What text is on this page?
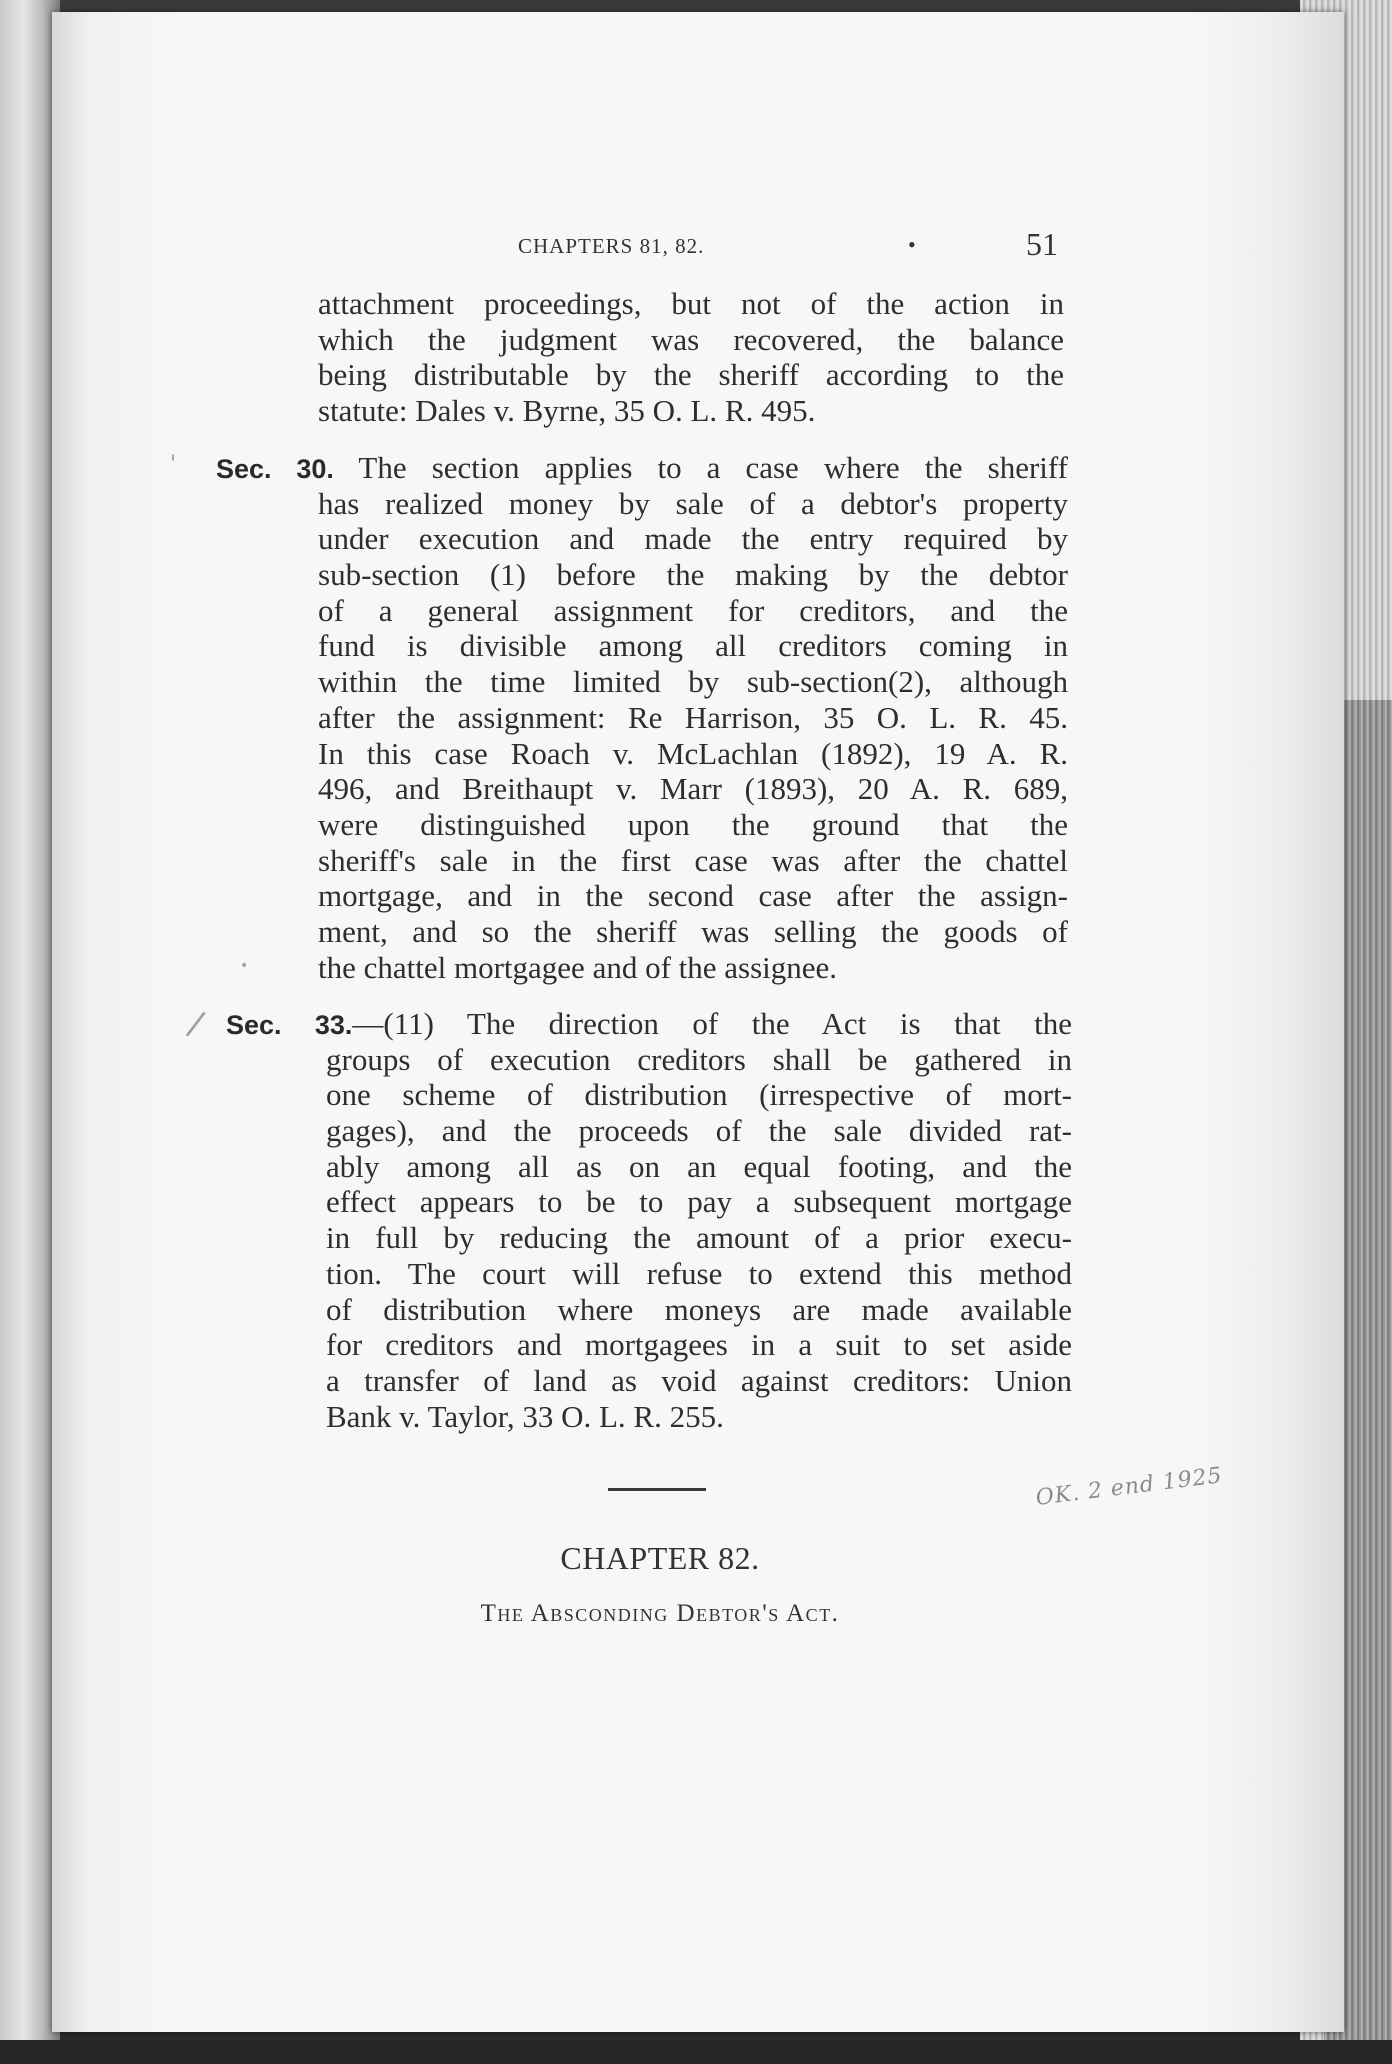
CHAPTERS 81, 82.	•	51
attachment proceedings, but not of the action in
which the judgment was recovered, the balance
being distributable by the sheriff according to the
statute: Dales v. Byrne, 35 O. L. R. 495.
Sec. 30. The section applies to a case where the sheriff
has realized money by sale of a debtor's property
under execution and made the entry required by
sub-section (1) before the making by the debtor
of a general assignment for creditors, and the
fund is divisible among all creditors coming in
within the time limited by sub-section(2), although
after the assignment: Re Harrison, 35 O. L. R. 45.
In this case Roach v. McLachlan (1892), 19 A. R.
496, and Breithaupt v. Marr (1893), 20 A. R. 689,
were distinguished upon the ground that the
sheriff's sale in the first case was after the chattel
mortgage, and in the second case after the assign-
ment, and so the sheriff was selling the goods of
the chattel mortgagee and of the assignee.
Sec. 33.—(11) The direction of the Act is that the
groups of execution creditors shall be gathered in
one scheme of distribution (irrespective of mort-
gages), and the proceeds of the sale divided rat-
ably among all as on an equal footing, and the
effect appears to be to pay a subsequent mortgage
in full by reducing the amount of a prior execu-
tion. The court will refuse to extend this method
of distribution where moneys are made available
for creditors and mortgagees in a suit to set aside
a transfer of land as void against creditors: Union
Bank v. Taylor, 33 O. L. R. 255.
CHAPTER 82.
The Absconding Debtor's Act.
OK. 2 end 1925
'
/
•
